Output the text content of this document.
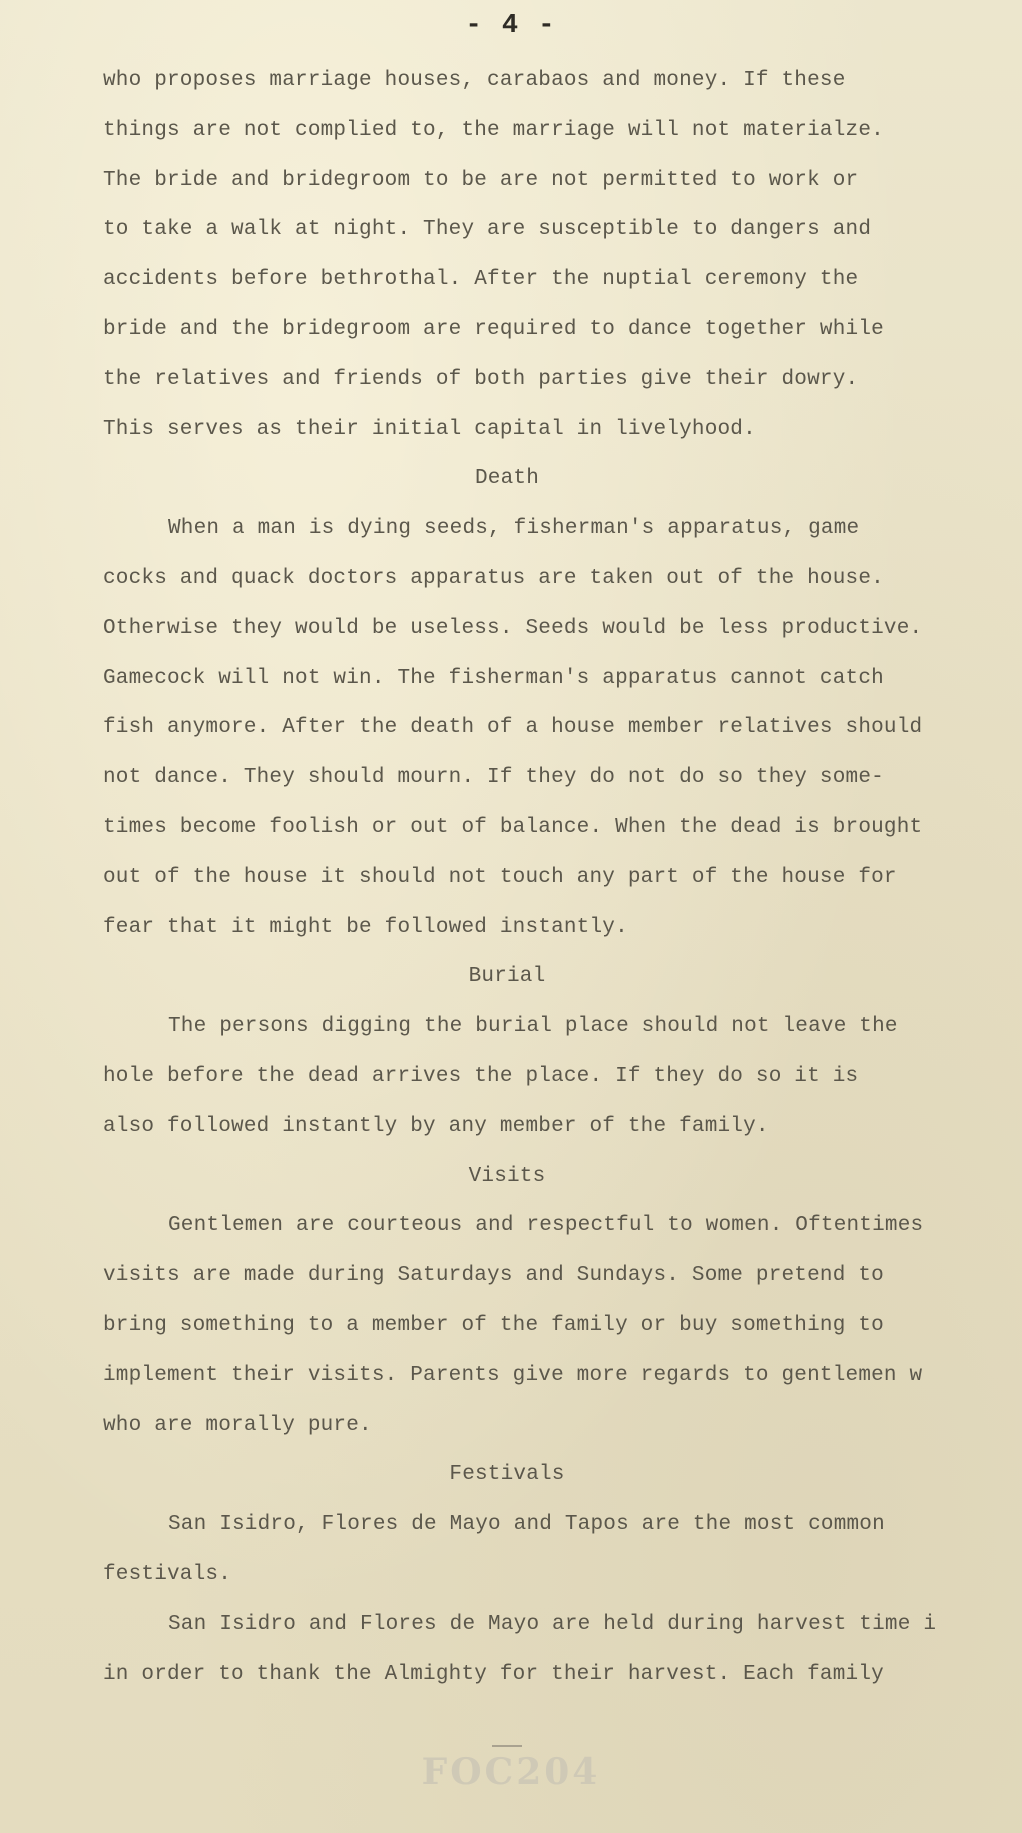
- 4 -
who proposes marriage houses, carabaos and money. If these
things are not complied to, the marriage will not materialze.
The bride and bridegroom to be are not permitted to work or
to take a walk at night. They are susceptible to dangers and
accidents before bethrothal. After the nuptial ceremony the
bride and the bridegroom are required to dance together while
the relatives and friends of both parties give their dowry.
This serves as their initial capital in livelyhood.
Death
When a man is dying seeds, fisherman's apparatus, game
cocks and quack doctors apparatus are taken out of the house.
Otherwise they would be useless. Seeds would be less productive.
Gamecock will not win. The fisherman's apparatus cannot catch
fish anymore. After the death of a house member relatives should
not dance. They should mourn. If they do not do so they some-
times become foolish or out of balance. When the dead is brought
out of the house it should not touch any part of the house for
fear that it might be followed instantly.
Burial
The persons digging the burial place should not leave the
hole before the dead arrives the place. If they do so it is
also followed instantly by any member of the family.
Visits
Gentlemen are courteous and respectful to women. Oftentimes
visits are made during Saturdays and Sundays. Some pretend to
bring something to a member of the family or buy something to
implement their visits. Parents give more regards to gentlemen w
who are morally pure.
Festivals
San Isidro, Flores de Mayo and Tapos are the most common
festivals.
San Isidro and Flores de Mayo are held during harvest time i
in order to thank the Almighty for their harvest. Each family
FOC204
